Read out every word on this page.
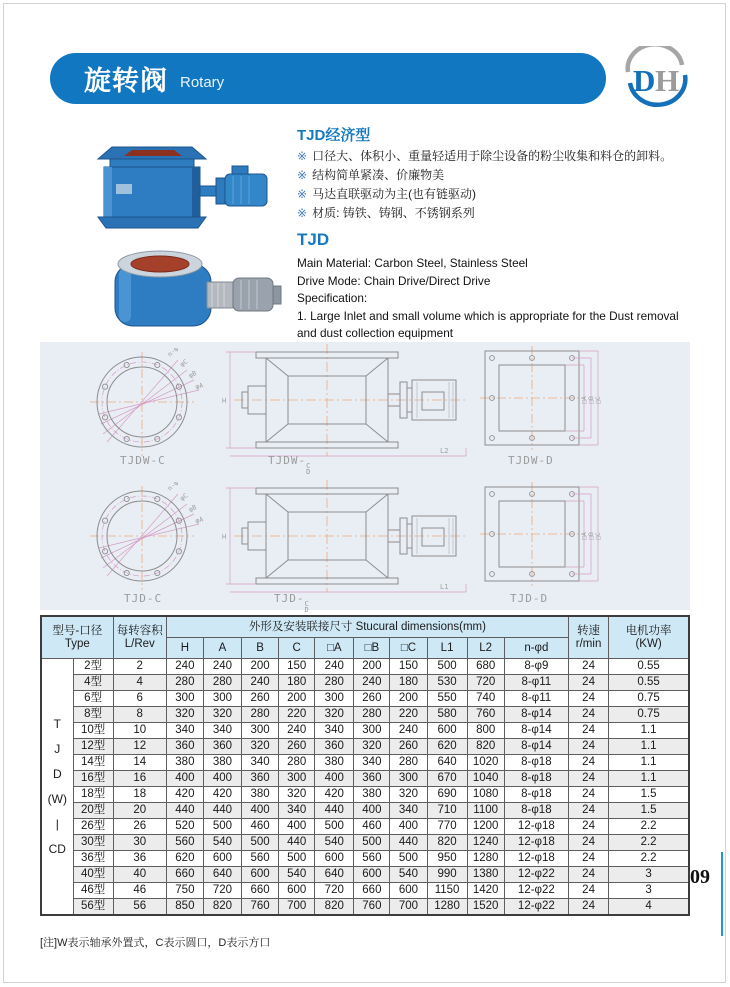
旋转阀 Rotary	D H
TJD经济型
※ 口径大、体积小、重量轻适用于除尘设备的粉尘收集和料仓的卸料。
※ 结构简单紧凑、价廉物美
※ 马达直联驱动为主(也有链驱动)
※ 材质: 铸铁、铸钢、不锈钢系列
TJD
Main Material: Carbon Steel, Stainless Steel
Drive Mode: Chain Drive/Direct Drive
Specification:
1. Large Inlet and small volume which is appropriate for the Dust removal
and dust collection equipment
n-φd
φC
φB
φA
H
L2
□A □B □C
TJDW-C	TJDW- C
D
TJDW-D
n-φd
φC
φB
φA
H
L1
□A □B □C
TJD-C	TJD- C
D
TJD-D
型号-口径
Type		每转容积
L/Rev	外形及安装联接尺寸 Stucural dimensions(mm)										转速
r/min	电机功率
(KW)

			H	A	B	C	□A	□B	□C	L1	L2	n-φd		

T
J
D
(W)
|
CD
	2型	2	240	240	200	150	240	200	150	500	680	8-φ9	24	0.55
	4型	4	280	280	240	180	280	240	180	530	720	8-φ11	24	0.55
	6型	6	300	300	260	200	300	260	200	550	740	8-φ11	24	0.75
	8型	8	320	320	280	220	320	280	220	580	760	8-φ14	24	0.75
	10型	10	340	340	300	240	340	300	240	600	800	8-φ14	24	1.1
	12型	12	360	360	320	260	360	320	260	620	820	8-φ14	24	1.1
	14型	14	380	380	340	280	380	340	280	640	1020	8-φ18	24	1.1
	16型	16	400	400	360	300	400	360	300	670	1040	8-φ18	24	1.1
	18型	18	420	420	380	320	420	380	320	690	1080	8-φ18	24	1.5
	20型	20	440	440	400	340	440	400	340	710	1100	8-φ18	24	1.5
	26型	26	520	500	460	400	500	460	400	770	1200	12-φ18	24	2.2
	30型	30	560	540	500	440	540	500	440	820	1240	12-φ18	24	2.2
	36型	36	620	600	560	500	600	560	500	950	1280	12-φ18	24	2.2
	40型	40	660	640	600	540	640	600	540	990	1380	12-φ22	24	3
	46型	46	750	720	660	600	720	660	600	1150	1420	12-φ22	24	3
	56型	56	850	820	760	700	820	760	700	1280	1520	12-φ22	24	4
[注]W表示轴承外置式，C表示圆口，D表示方口
09
